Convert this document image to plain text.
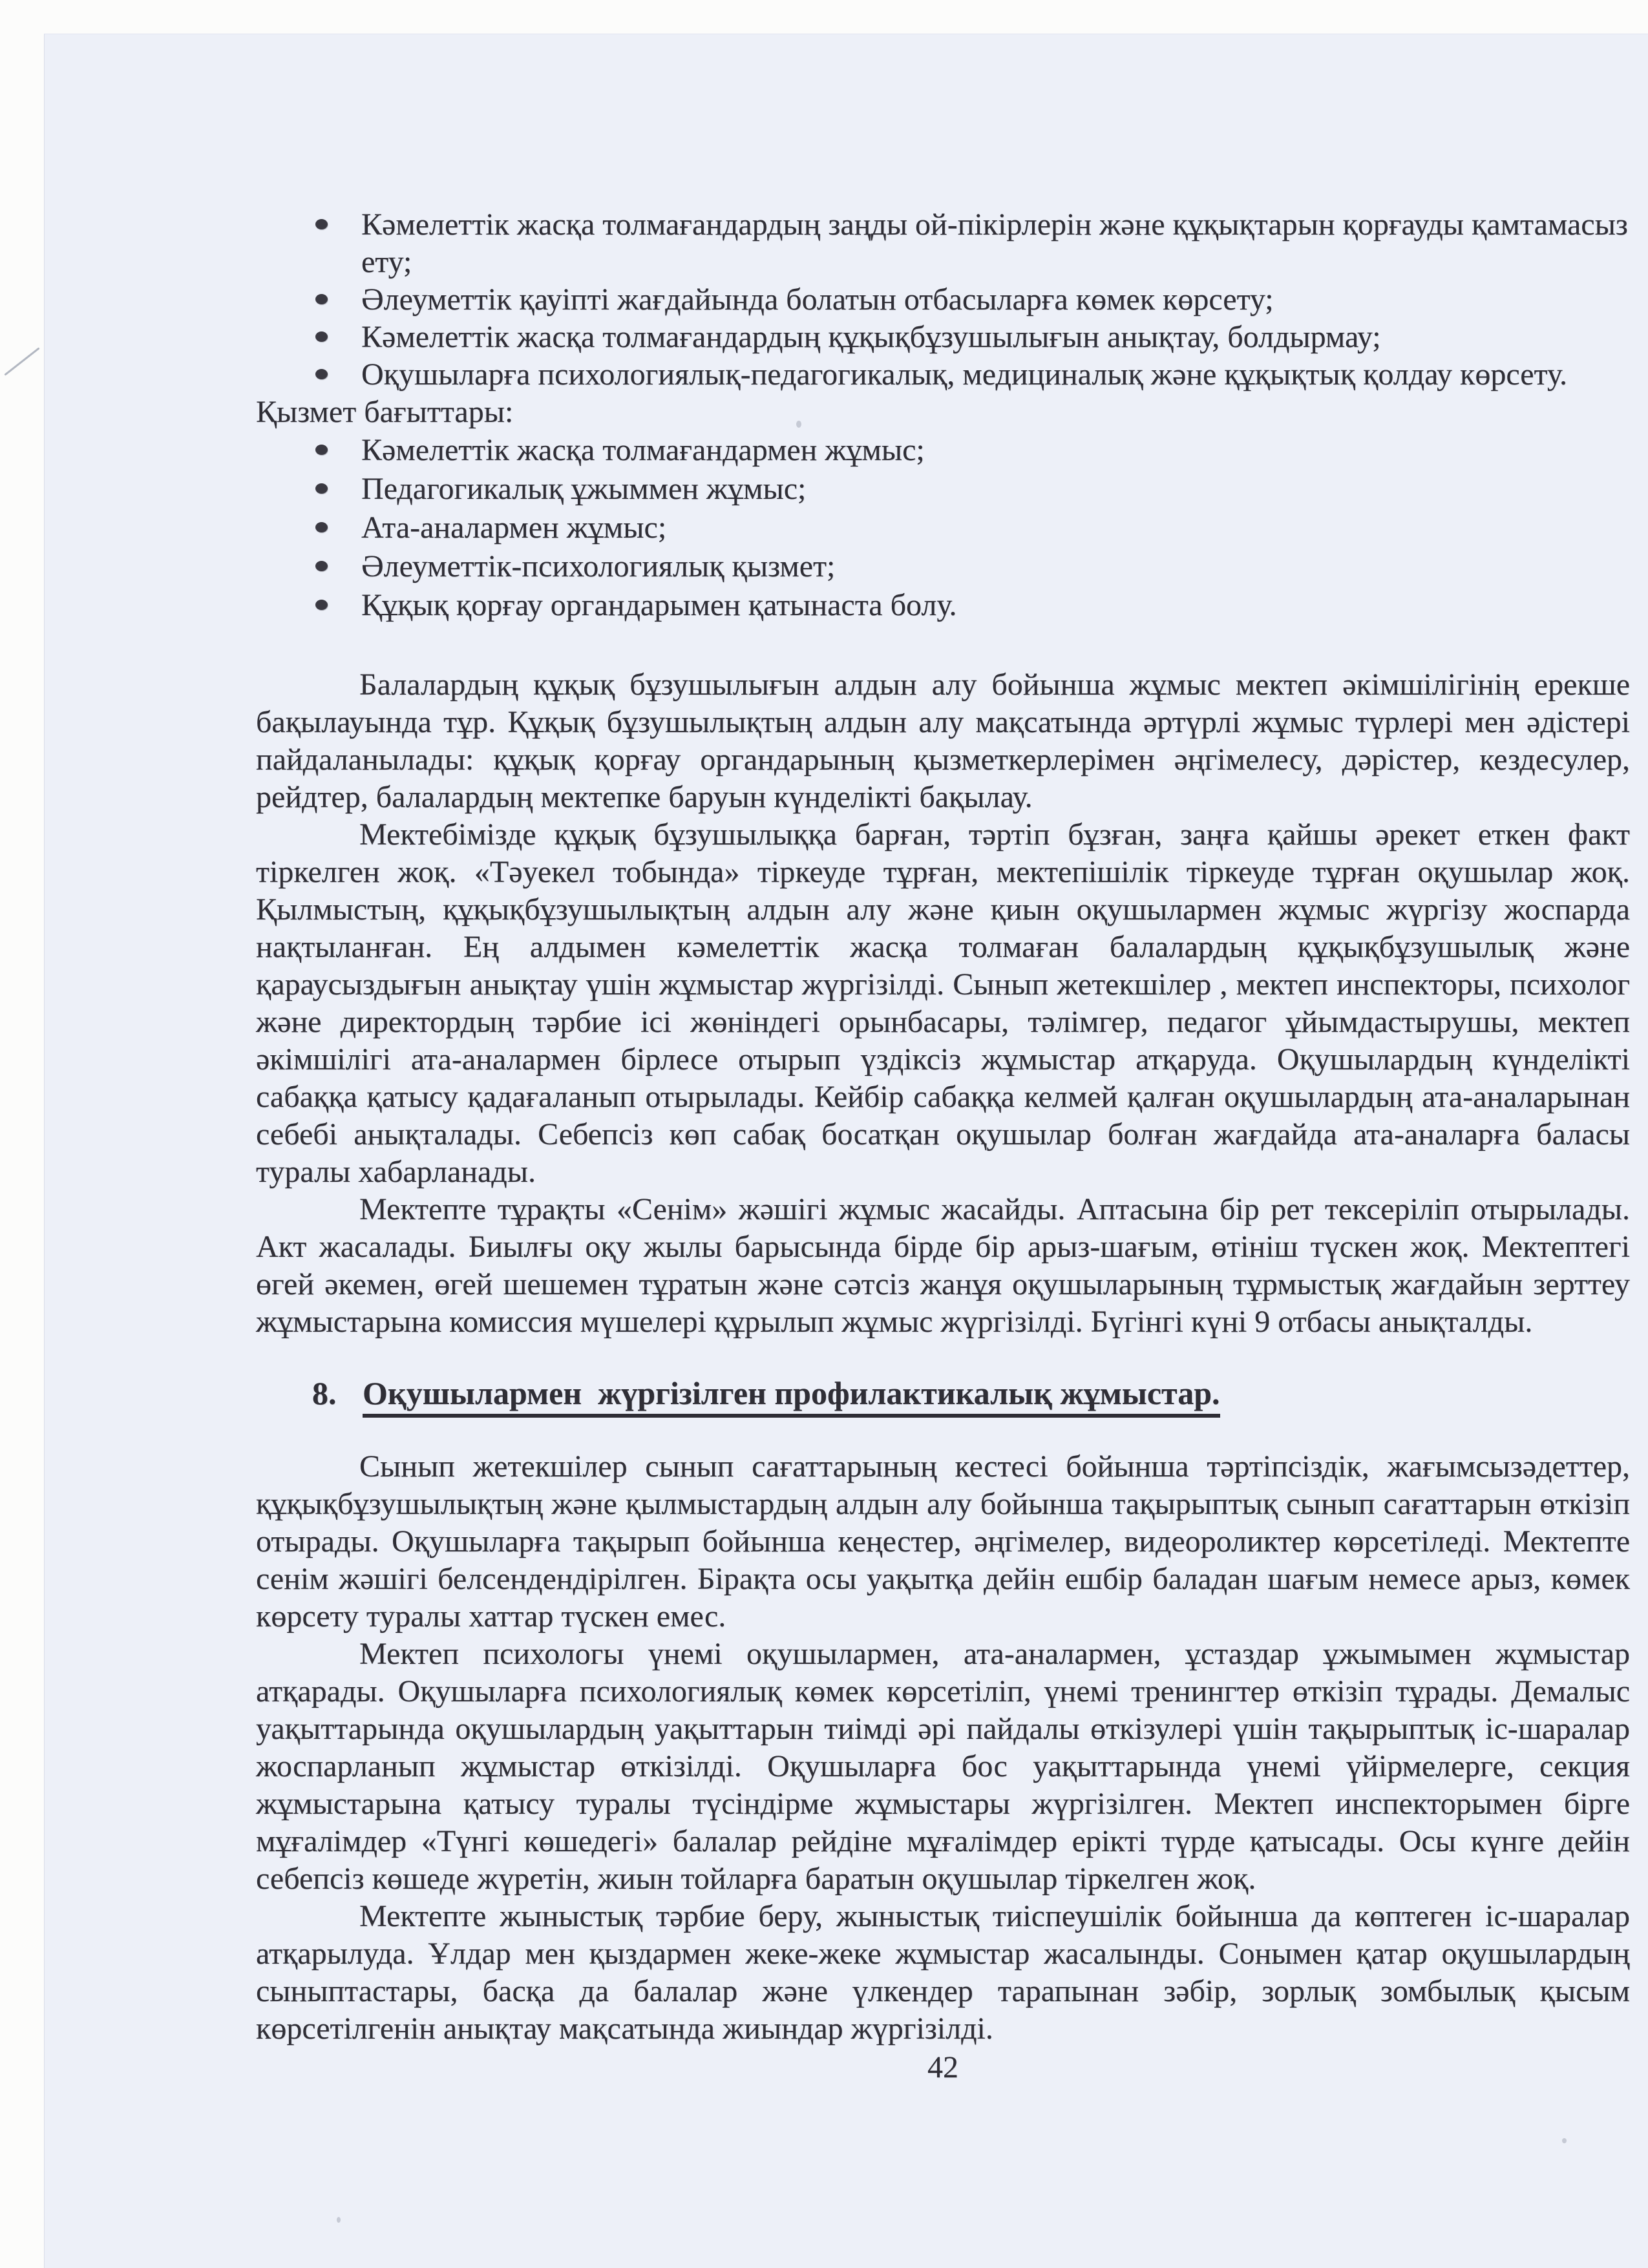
Кәмелеттік жасқа толмағандардың заңды ой-пікірлерін және құқықтарын қорғауды қамтамасыз ету;
Әлеуметтік қауіпті жағдайында болатын отбасыларға көмек көрсету;
Кәмелеттік жасқа толмағандардың құқықбұзушылығын анықтау, болдырмау;
Оқушыларға психологиялық-педагогикалық, медициналық және құқықтық қолдау көрсету.
Қызмет бағыттары:
Кәмелеттік жасқа толмағандармен жұмыс;
Педагогикалық ұжыммен жұмыс;
Ата-аналармен жұмыс;
Әлеуметтік-психологиялық қызмет;
Құқық қорғау органдарымен қатынаста болу.

Балалардың құқық бұзушылығын алдын алу бойынша жұмыс мектеп әкімшілігінің ерекше бақылауында тұр. Құқық бұзушылықтың алдын алу мақсатында әртүрлі жұмыс түрлері мен әдістері пайдаланылады: құқық қорғау органдарының қызметкерлерімен әңгімелесу, дәрістер, кездесулер, рейдтер, балалардың мектепке баруын күнделікті бақылау.

Мектебімізде құқық бұзушылыққа барған, тәртіп бұзған, заңға қайшы әрекет еткен факт тіркелген жоқ. «Тәуекел тобында» тіркеуде тұрған, мектепішілік тіркеуде тұрған оқушылар жоқ. Қылмыстың, құқықбұзушылықтың алдын алу және қиын оқушылармен жұмыс жүргізу жоспарда нақтыланған. Ең алдымен кәмелеттік жасқа толмаған балалардың құқықбұзушылық және қараусыздығын анықтау үшін жұмыстар жүргізілді. Сынып жетекшілер , мектеп инспекторы, психолог және директордың тәрбие ісі жөніндегі орынбасары, тәлімгер, педагог ұйымдастырушы, мектеп әкімшілігі ата-аналармен бірлесе отырып үздіксіз жұмыстар атқаруда. Оқушылардың күнделікті сабаққа қатысу қадағаланып отырылады. Кейбір сабаққа келмей қалған оқушылардың ата-аналарынан себебі анықталады. Себепсіз көп сабақ босатқан оқушылар болған жағдайда ата-аналарға баласы туралы хабарланады.

Мектепте тұрақты «Сенім» жәшігі жұмыс жасайды. Аптасына бір рет тексеріліп отырылады. Акт жасалады. Биылғы оқу жылы барысында бірде бір арыз-шағым, өтініш түскен жоқ. Мектептегі өгей әкемен, өгей шешемен тұратын және сәтсіз жанұя оқушыларының тұрмыстық жағдайын зерттеу жұмыстарына комиссия мүшелері құрылып жұмыс жүргізілді. Бүгінгі күні 9 отбасы анықталды.

8. Оқушылармен  жүргізілген профилактикалық жұмыстар.

Сынып жетекшілер сынып сағаттарының кестесі бойынша тәртіпсіздік, жағымсызәдеттер, құқықбұзушылықтың және қылмыстардың алдын алу бойынша тақырыптық сынып сағаттарын өткізіп отырады. Оқушыларға тақырып бойынша кеңестер, әңгімелер, видеороликтер көрсетіледі. Мектепте сенім жәшігі белсендендірілген. Бірақта осы уақытқа дейін ешбір баладан шағым немесе арыз, көмек көрсету туралы хаттар түскен емес.

Мектеп психологы үнемі оқушылармен, ата-аналармен, ұстаздар ұжымымен жұмыстар атқарады. Оқушыларға психологиялық көмек көрсетіліп, үнемі тренингтер өткізіп тұрады. Демалыс уақыттарында оқушылардың уақыттарын тиімді әрі пайдалы өткізулері үшін тақырыптық іс-шаралар жоспарланып жұмыстар өткізілді. Оқушыларға бос уақыттарында үнемі үйірмелерге, секция жұмыстарына қатысу туралы түсіндірме жұмыстары жүргізілген. Мектеп инспекторымен бірге мұғалімдер «Түнгі көшедегі» балалар рейдіне мұғалімдер ерікті түрде қатысады. Осы күнге дейін себепсіз көшеде жүретін, жиын тойларға баратын оқушылар тіркелген жоқ.

Мектепте жыныстық тәрбие беру, жыныстық тиіспеушілік бойынша да көптеген іс-шаралар атқарылуда. Ұлдар мен қыздармен жеке-жеке жұмыстар жасалынды. Сонымен қатар оқушылардың сыныптастары, басқа да балалар және үлкендер тарапынан зәбір, зорлық зомбылық қысым көрсетілгенін анықтау мақсатында жиындар жүргізілді.

42
